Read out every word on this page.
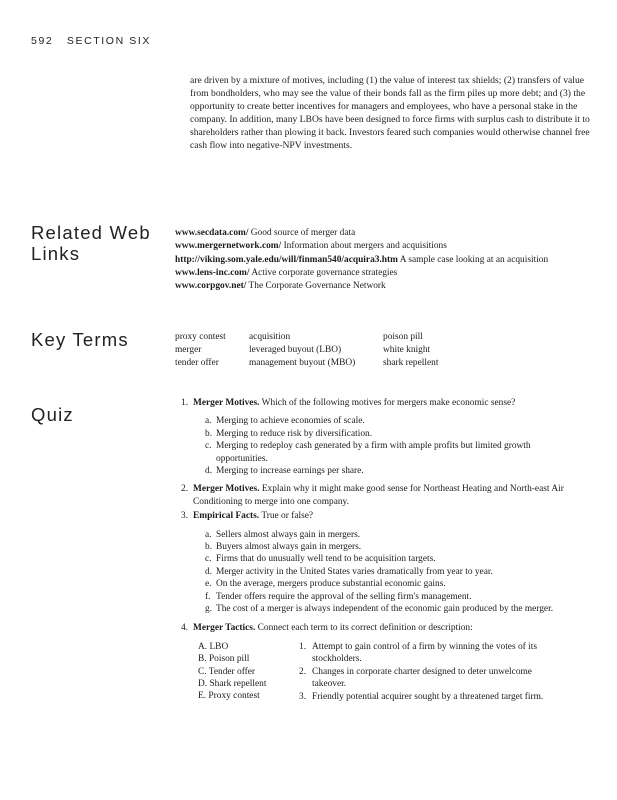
592 SECTION SIX

are driven by a mixture of motives, including (1) the value of interest tax shields; (2) transfers of value from bondholders, who may see the value of their bonds fall as the firm piles up more debt; and (3) the opportunity to create better incentives for managers and employees, who have a personal stake in the company. In addition, many LBOs have been designed to force firms with surplus cash to distribute it to shareholders rather than plowing it back. Investors feared such companies would otherwise channel free cash flow into negative-NPV investments.

Related Web Links
www.secdata.com/ Good source of merger data
www.mergernetwork.com/ Information about mergers and acquisitions
http://viking.som.yale.edu/will/finman540/acquira3.htm A sample case looking at an acquisition
www.lens-inc.com/ Active corporate governance strategies
www.corpgov.net/ The Corporate Governance Network
Key Terms	proxy contest
merger
tender offer
acquisition
leveraged buyout (LBO)
management buyout (MBO)
poison pill
white knight
shark repellent
Quiz
1. Merger Motives. Which of the following motives for mergers make economic sense?
a. Merging to achieve economies of scale.
b. Merging to reduce risk by diversification.
c. Merging to redeploy cash generated by a firm with ample profits but limited growth opportunities.
d. Merging to increase earnings per share.
2. Merger Motives. Explain why it might make good sense for Northeast Heating and North-east Air Conditioning to merge into one company.
3. Empirical Facts. True or false?
a. Sellers almost always gain in mergers.
b. Buyers almost always gain in mergers.
c. Firms that do unusually well tend to be acquisition targets.
d. Merger activity in the United States varies dramatically from year to year.
e. On the average, mergers produce substantial economic gains.
f. Tender offers require the approval of the selling firm's management.
g. The cost of a merger is always independent of the economic gain produced by the merger.
4. Merger Tactics. Connect each term to its correct definition or description:
A. LBO
B. Poison pill
C. Tender offer
D. Shark repellent
E. Proxy contest
1. Attempt to gain control of a firm by winning the votes of its stockholders.
2. Changes in corporate charter designed to deter unwelcome takeover.
3. Friendly potential acquirer sought by a threatened target firm.
